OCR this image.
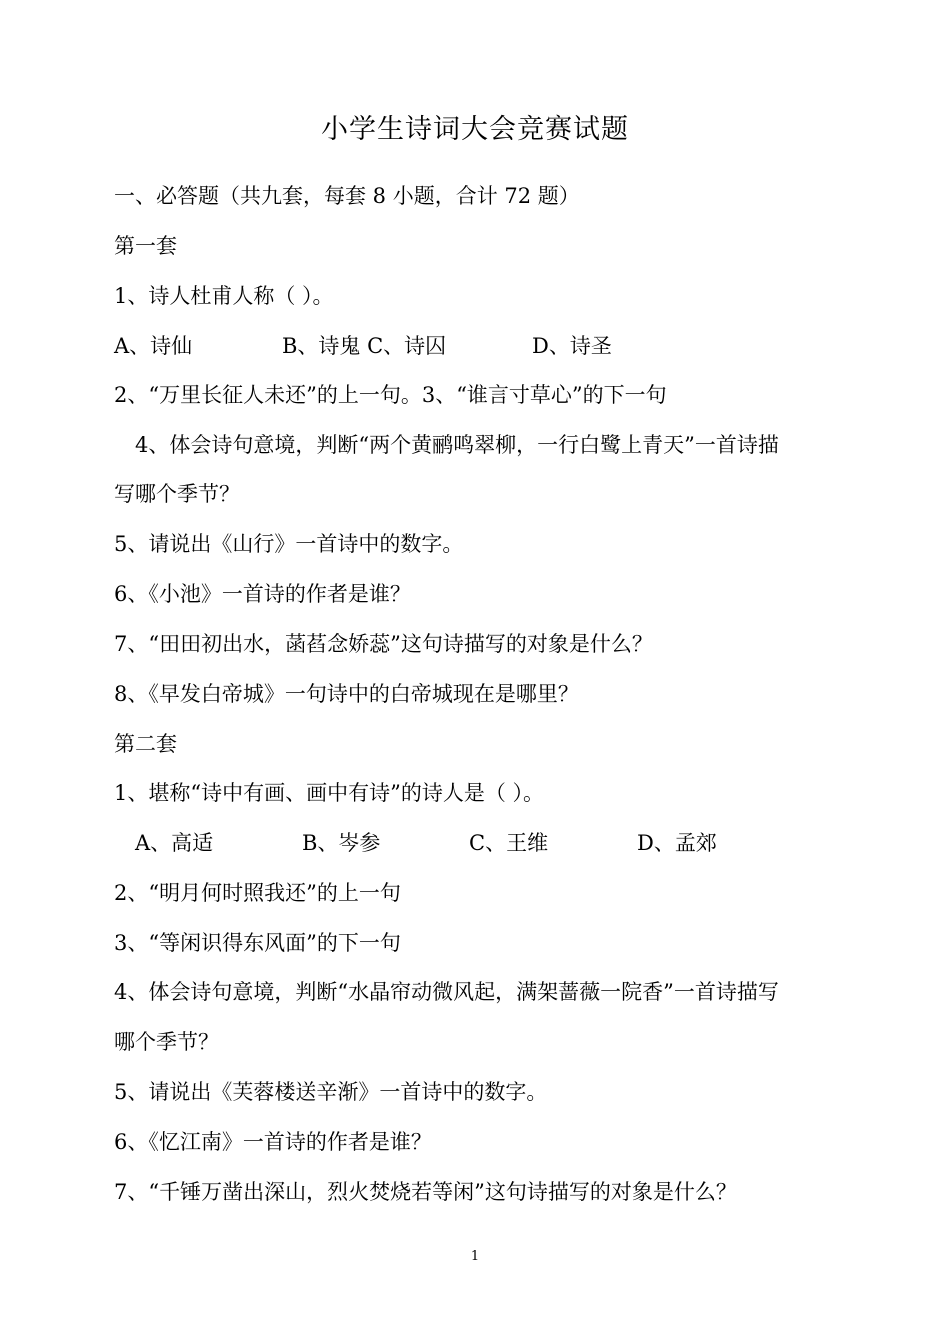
小学生诗词大会竞赛试题
一、必答题（共九套，每套 8 小题，合计 72 题）
第一套
1、诗人杜甫人称（ ）。
A、诗仙	B、诗鬼 C、诗囚	D、诗圣
2、“万里长征人未还”的上一句。3、“谁言寸草心”的下一句
4、体会诗句意境，判断“两个黄鹂鸣翠柳，一行白鹭上青天”一首诗描
写哪个季节？
5、请说出《山行》一首诗中的数字。
6、《小池》一首诗的作者是谁？
7、“田田初出水，菡萏念娇蕊”这句诗描写的对象是什么？
8、《早发白帝城》一句诗中的白帝城现在是哪里？
第二套
1、堪称“诗中有画、画中有诗”的诗人是（ ）。
A、高适	B、岑参	C、王维	D、孟郊
2、“明月何时照我还”的上一句
3、“等闲识得东风面”的下一句
4、体会诗句意境，判断“水晶帘动微风起，满架蔷薇一院香”一首诗描写
哪个季节？
5、请说出《芙蓉楼送辛渐》一首诗中的数字。
6、《忆江南》一首诗的作者是谁？
7、“千锤万凿出深山，烈火焚烧若等闲”这句诗描写的对象是什么？
1
